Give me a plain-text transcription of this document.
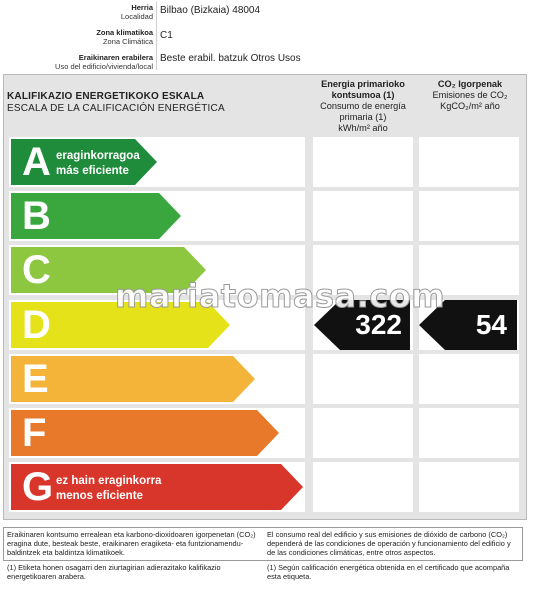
Herria
Localidad
Bilbao (Bizkaia) 48004
Zona klimatikoa
Zona Climática
C1
Eraikinaren erabilera
Uso del edificio/vivienda/local
Beste erabil. batzuk Otros Usos
KALIFIKAZIO ENERGETIKOKO ESKALA
ESCALA DE LA CALIFICACIÓN ENERGÉTICA
Energia primarioko kontsumoa (1)
Consumo de energía primaria (1)
kWh/m² año
CO₂ Igorpenak
Emisiones de CO₂
KgCO₂/m² año
A eraginkorragoa
más eficiente
B
C
D
E
F
G ez hain eraginkorra
menos eficiente
322	54
mariatomasa.com
Eraikinaren kontsumo errealean eta karbono-dioxidoaren igorpenetan (CO₂) eragina dute, besteak beste, eraikinaren eragiketa- eta funtzionamendu-baldintzek eta baldintza klimatikoek.
El consumo real del edificio y sus emisiones de dióxido de carbono (CO₂) dependerá de las condiciones de operación y funcionamiento del edificio y de las condiciones climáticas, entre otros aspectos.
(1) Etiketa honen osagarri den ziurtagirian adierazitako kalifikazio energetikoaren arabera.
(1) Según calificación energética obtenida en el certificado que acompaña esta etiqueta.
